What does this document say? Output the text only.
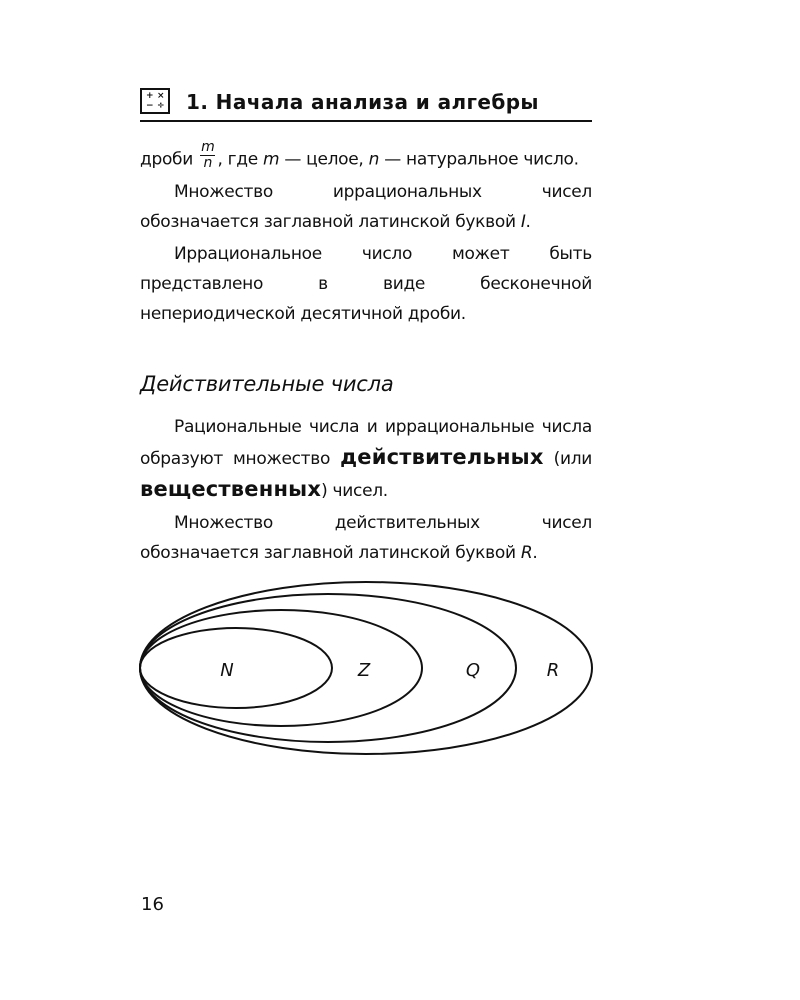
+ ×
− ÷ 1. Начала анализа и алгебры

дроби $\frac{m}{n}$ , где m — целое, n — натуральное число.

Множество иррациональных чисел обозначается заглавной латинской буквой I.

Иррациональное число может быть представлено в виде бесконечной непериодической десятичной дроби.

Действительные числа

Рациональные числа и иррациональные числа образуют множество действительных (или вещественных) чисел.

Множество действительных чисел обозначается заглавной латинской буквой R.

N	Z	Q	R
16
